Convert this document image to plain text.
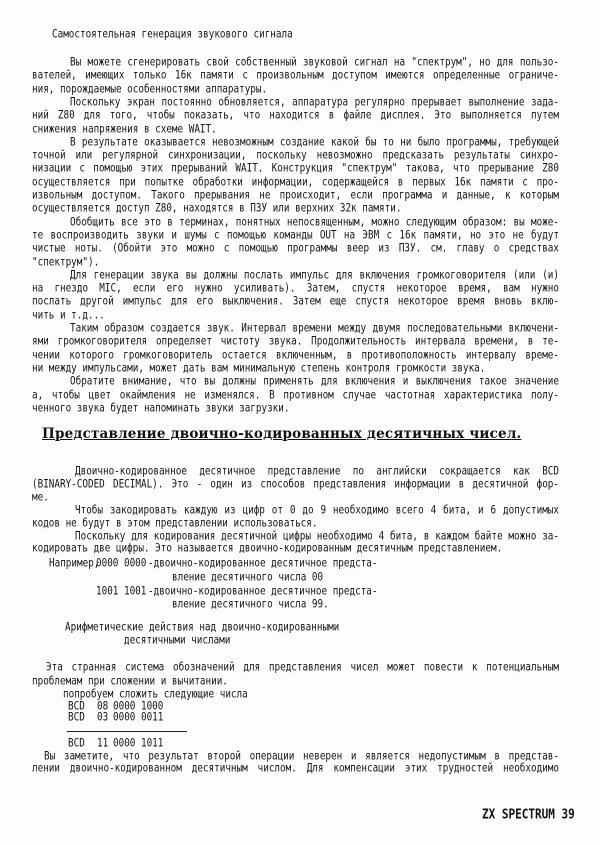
Самостоятельная генерация звукового сигнала
Вы можете сгенерировать свой собственный звуковой сигнал на "спектрум", но для пользо-
вателей, имеющих только 16к памяти с произвольным доступом имеются определенные ограниче-
ния, порождаемые особенностями аппаратуры.
Поскольку экран постоянно обновляется, аппаратура регулярно прерывает выполнение зада-
ний Z80 для того, чтобы показать, что находится в файле дисплея. Это выполняется путем
снижения напряжения в схеме WAIT.
В результате оказывается невозможным создание какой бы то ни было программы, требующей
точной или регулярной синхронизации, поскольку невозможно предсказать результаты синхро-
низации с помощью этих прерываний WAIT. Конструкция "спектрум" такова, что прерывание Z80
осуществляется при попытке обработки информации, содержащейся в первых 16к памяти с про-
извольным доступом. Такого прерывания не происходит, если программа и данные, к которым
осуществляется доступ Z80, находятся в ПЗУ или верхних 32к памяти.
Обобщить все это в терминах, понятных непосвященным, можно следующим образом: вы може-
те воспроизводить звуки и шумы с помощью команды OUT на ЭВМ с 16к памяти, но это не будут
чистые ноты. (Обойти это можно с помощью программы веер из ПЗУ. см. главу о средствах
"спектрум").
Для генерации звука вы должны послать импульс для включения громкоговорителя (или (и)
на гнездо MIC, если его нужно усиливать). Затем, спустя некоторое время, вам нужно
послать другой импульс для его выключения. Затем еще спустя некоторое время вновь вклю-
чить и т.д...
Таким образом создается звук. Интервал времени между двумя последовательными включени-
ями громкоговорителя определяет чистоту звука. Продолжительность интервала времени, в те-
чении которого громкоговоритель остается включенным, в противоположность интервалу време-
ни между импульсами, может дать вам минимальную степень контроля громкости звука.
Обратите внимание, что вы должны применять для включения и выключения такое значение
а, чтобы цвет окаймления не изменялся. В противном случае частотная характеристика полу-
ченного звука будет напоминать звуки загрузки.
Представление двоично-кодированных десятичных чисел.
Двоично-кодированное десятичное представление по английски сокращается как BCD
(BINARY-CODED DECIMAL). Это - один из способов представления информации в десятичной фор-
ме.
Чтобы закодировать каждую из цифр от 0 до 9 необходимо всего 4 бита, и 6 допустимых
кодов не будут в этом представлении использоваться.
Поскольку для кодирования десятичной цифры необходимо 4 бита, в каждом байте можно за-
кодировать две цифры. Это называется двоично-кодированным десятичным представлением.
Например,
0000 0000 -двоично-кодированное десятичное предста-
вление десятичного числа 00
1001 1001 -двоично-кодированное десятичное предста-
вление десятичного числа 99.
Арифметические действия над двоично-кодированными
десятичными числами
Эта странная система обозначений для представления чисел может повести к потенциальным
проблемам при сложении и вычитании.
попробуем сложить следующие числа
BCD 08 0000 1000
BCD 03 0000 0011
BCD 11 0000 1011
Вы заметите, что результат второй операции неверен и является недопустимым в представ-
лении двоично-кодированном десятичным числом. Для компенсации этих трудностей необходимо
ZX SPECTRUM 39
